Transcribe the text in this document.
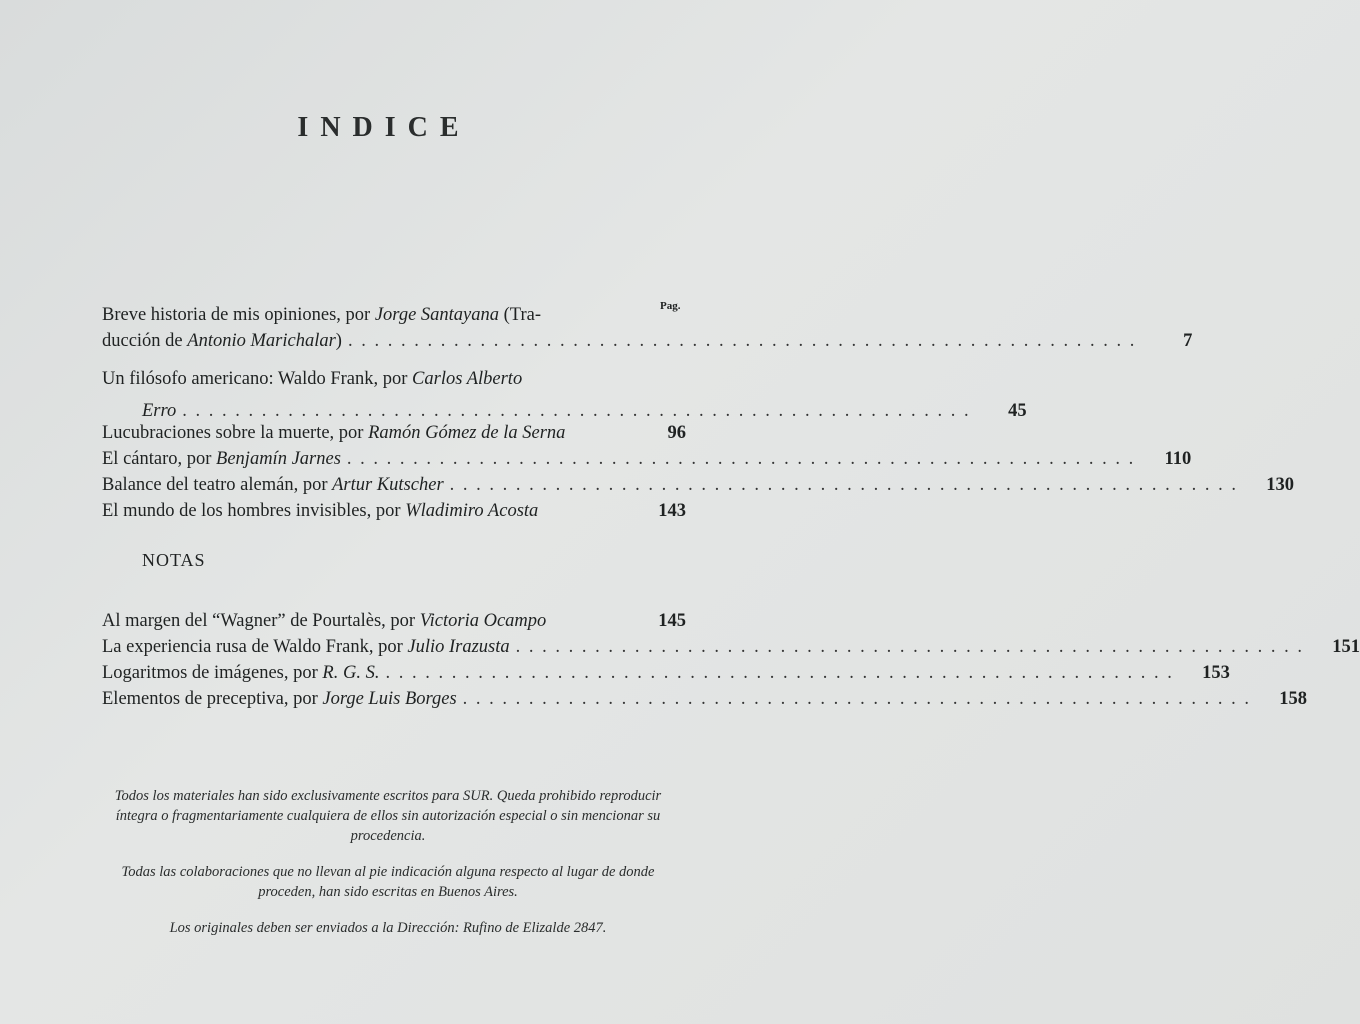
INDICE
Pag.
Breve historia de mis opiniones, por Jorge Santayana (Tra-
ducción de Antonio Marichalar) . . . . . . . . . . . . . . . . . . . . . . . . . . . . . . . . . . . . . . . . . . . . . . . . . . . . . . . . . . . .	7
Un filósofo americano: Waldo Frank, por Carlos Alberto
Erro . . . . . . . . . . . . . . . . . . . . . . . . . . . . . . . . . . . . . . . . . . . . . . . . . . . . . . . . . . . .	45
Lucubraciones sobre la muerte, por Ramón Gómez de la Serna	96
El cántaro, por Benjamín Jarnes . . . . . . . . . . . . . . . . . . . . . . . . . . . . . . . . . . . . . . . . . . . . . . . . . . . . . . . . . . . .	110
Balance del teatro alemán, por Artur Kutscher . . . . . . . . . . . . . . . . . . . . . . . . . . . . . . . . . . . . . . . . . . . . . . . . . . . . . . . . . . . .	130
El mundo de los hombres invisibles, por Wladimiro Acosta	143
NOTAS
Al margen del “Wagner” de Pourtalès, por Victoria Ocampo	145
La experiencia rusa de Waldo Frank, por Julio Irazusta . . . . . . . . . . . . . . . . . . . . . . . . . . . . . . . . . . . . . . . . . . . . . . . . . . . . . . . . . . . .	151
Logaritmos de imágenes, por R. G. S. . . . . . . . . . . . . . . . . . . . . . . . . . . . . . . . . . . . . . . . . . . . . . . . . . . . . . . . . . . . .	153
Elementos de preceptiva, por Jorge Luis Borges . . . . . . . . . . . . . . . . . . . . . . . . . . . . . . . . . . . . . . . . . . . . . . . . . . . . . . . . . . . .	158
Todos los materiales han sido exclusivamente escritos para SUR. Queda prohibido reproducir íntegra o fragmentariamente cualquiera de ellos sin autorización especial o sin mencionar su procedencia.
Todas las colaboraciones que no llevan al pie indicación alguna respecto al lugar de donde proceden, han sido escritas en Buenos Aires.
Los originales deben ser enviados a la Dirección: Rufino de Elizalde 2847.
